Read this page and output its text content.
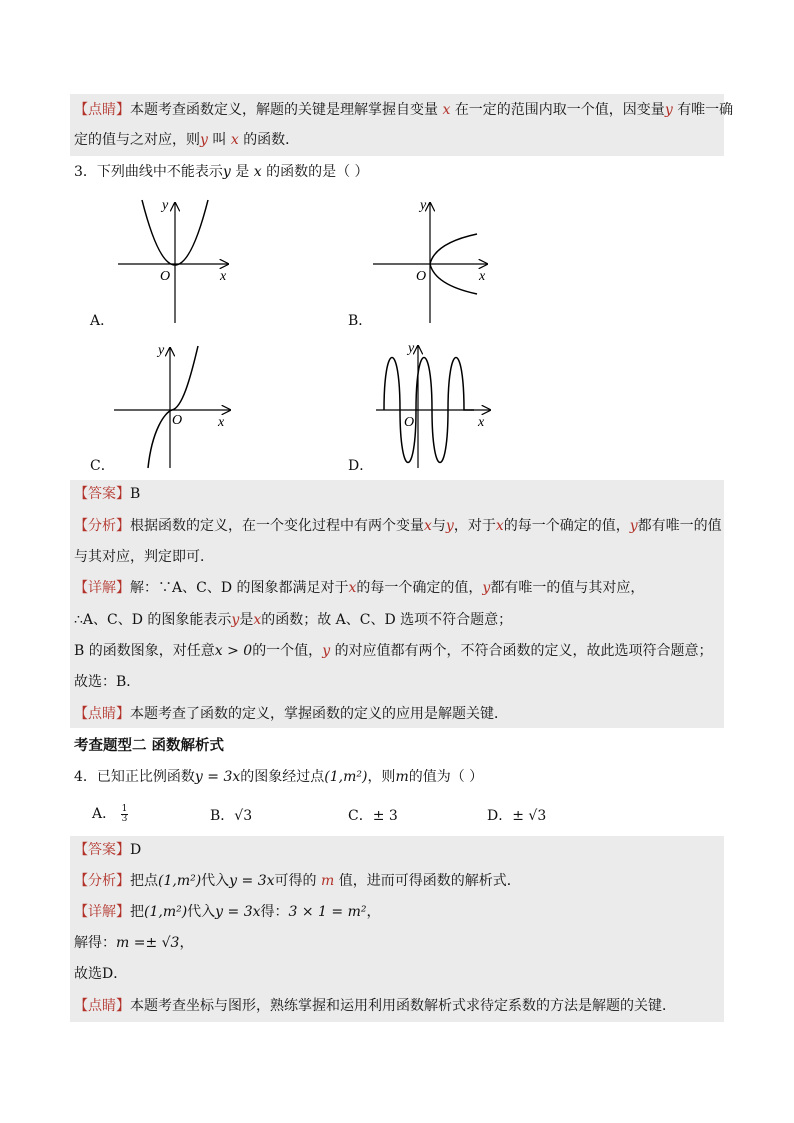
【点睛】本题考查函数定义，解题的关键是理解掌握自变量 x 在一定的范围内取一个值，因变量y 有唯一确
定的值与之对应，则y 叫 x 的函数．
3．下列曲线中不能表示y 是 x 的函数的是（ ）
y
x
O
A．
y
x
O
B．
y
x
O
C．
y
x
O
D．
【答案】B
【分析】根据函数的定义，在一个变化过程中有两个变量x与y，对于x的每一个确定的值，y都有唯一的值
与其对应，判定即可．
【详解】解：∵A、C、D 的图象都满足对于x的每一个确定的值，y都有唯一的值与其对应，
∴A、C、D 的图象能表示y是x的函数；故 A、C、D 选项不符合题意；
B 的函数图象，对任意x > 0的一个值，y 的对应值都有两个，不符合函数的定义，故此选项符合题意；
故选：B．
【点睛】本题考查了函数的定义，掌握函数的定义的应用是解题关键．
考查题型二 函数解析式
4．已知正比例函数y = 3x的图象经过点(1,m²)，则m的值为（ ）
A． $\frac{1}{3}$	B．√3	C．± 3	D．± √3
【答案】D
【分析】把点(1,m²)代入y = 3x可得的 m 值，进而可得函数的解析式．
【详解】把(1,m²)代入y = 3x得：3 × 1 = m²，
解得：m =± √3，
故选D．
【点睛】本题考查坐标与图形，熟练掌握和运用利用函数解析式求待定系数的方法是解题的关键．
